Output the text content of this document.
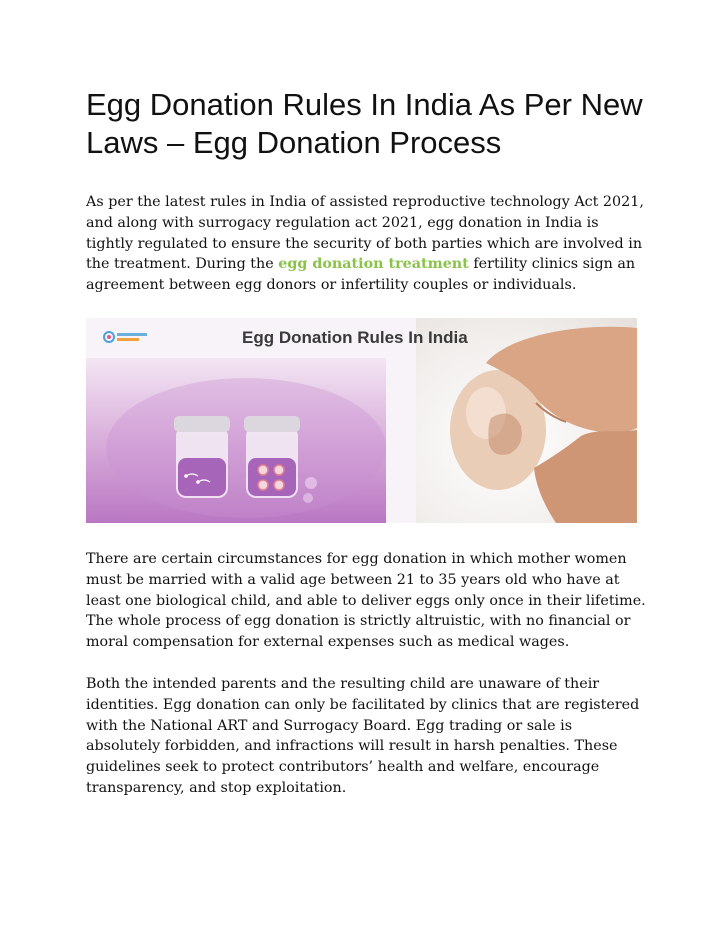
Egg Donation Rules In India As Per New Laws – Egg Donation Process

As per the latest rules in India of assisted reproductive technology Act 2021, and along with surrogacy regulation act 2021, egg donation in India is tightly regulated to ensure the security of both parties which are involved in the treatment. During the egg donation treatment fertility clinics sign an agreement between egg donors or infertility couples or individuals.

Egg Donation Rules In India

There are certain circumstances for egg donation in which mother women must be married with a valid age between 21 to 35 years old who have at least one biological child, and able to deliver eggs only once in their lifetime. The whole process of egg donation is strictly altruistic, with no financial or moral compensation for external expenses such as medical wages.

Both the intended parents and the resulting child are unaware of their identities. Egg donation can only be facilitated by clinics that are registered with the National ART and Surrogacy Board. Egg trading or sale is absolutely forbidden, and infractions will result in harsh penalties. These guidelines seek to protect contributors’ health and welfare, encourage transparency, and stop exploitation.
